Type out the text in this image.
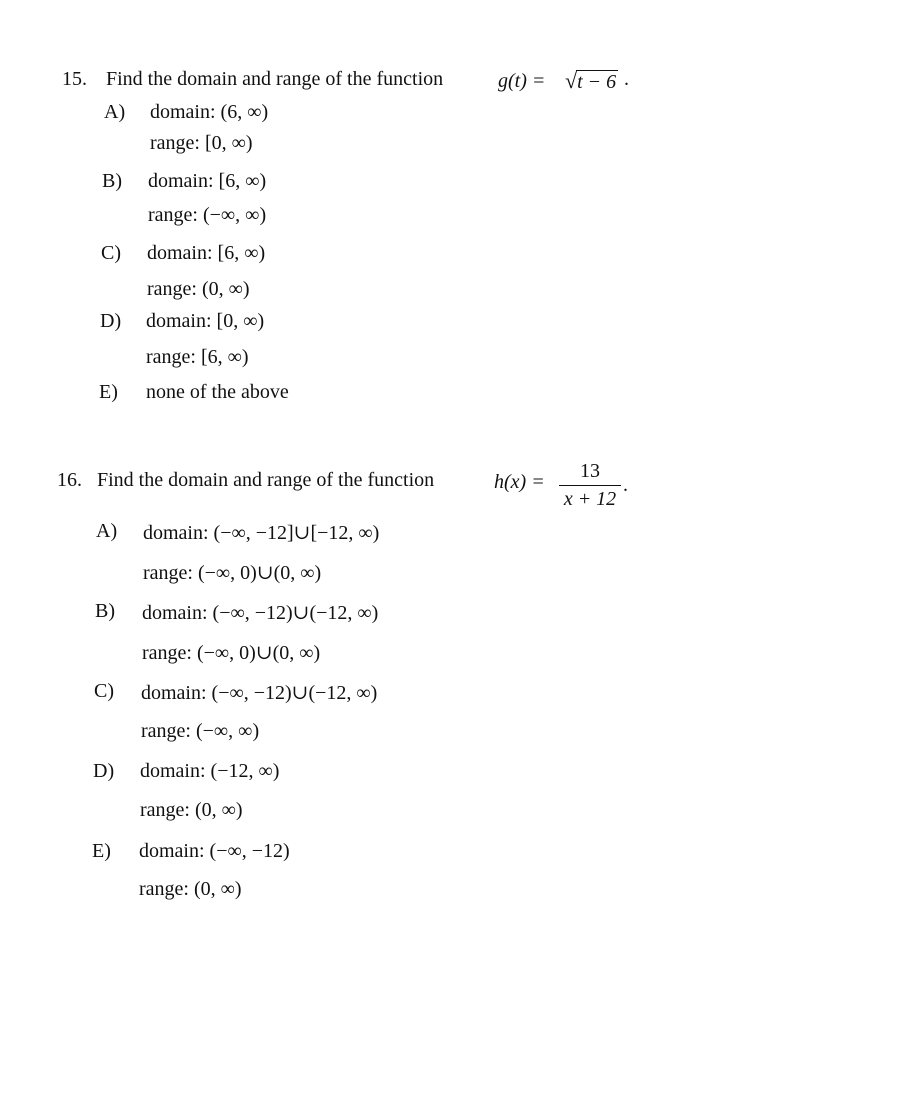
15. Find the domain and range of the function	g(t) = √t − 6 .
A) domain: (6, ∞)
range: [0, ∞)
B) domain: [6, ∞)
range: (−∞, ∞)
C) domain: [6, ∞)
range: (0, ∞)
D) domain: [0, ∞)
range: [6, ∞)
E) none of the above
16. Find the domain and range of the function	h(x) =	13
x + 12
.
A) domain: (−∞, −12]∪[−12, ∞)
range: (−∞, 0)∪(0, ∞)
B) domain: (−∞, −12)∪(−12, ∞)
range: (−∞, 0)∪(0, ∞)
C) domain: (−∞, −12)∪(−12, ∞)
range: (−∞, ∞)
D) domain: (−12, ∞)
range: (0, ∞)
E) domain: (−∞, −12)
range: (0, ∞)
